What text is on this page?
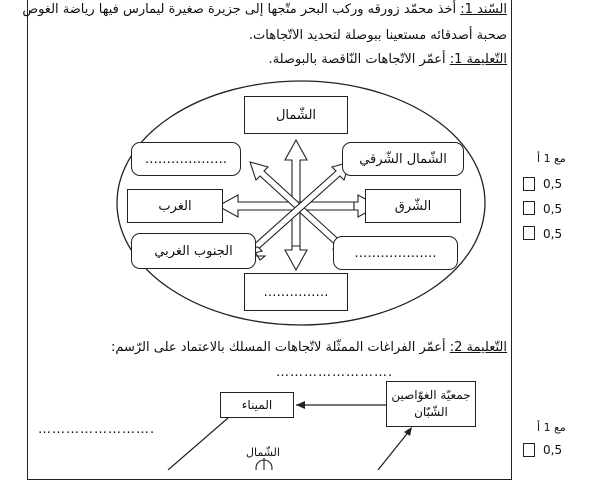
السّند 1: أخذ محمّد زورقه وركب البحر متّجها إلى جزيرة صغيرة ليمارس فيها رياضة الغوص
صحبة أصدقائه مستعينا ببوصلة لتحديد الاتّجاهات.
التّعليمة 1: أعمّر الاتّجاهات النّاقصة بالبوصلة.
الشّمال
الشّمال الشّرقي
……………….
الغرب	الشّرق
الجنوب الغربي	……………….
……………
التّعليمة 2: أعمّر الفراغات الممثّلة لاتّجاهات المسلك بالاعتماد على الرّسم:
…………………….
…………………….
جمعيّة الغوّاصين الشّبّان
الميناء
الشّمال
مع 1 أ
0,5
0,5
0,5
مع 1 أ
0,5
